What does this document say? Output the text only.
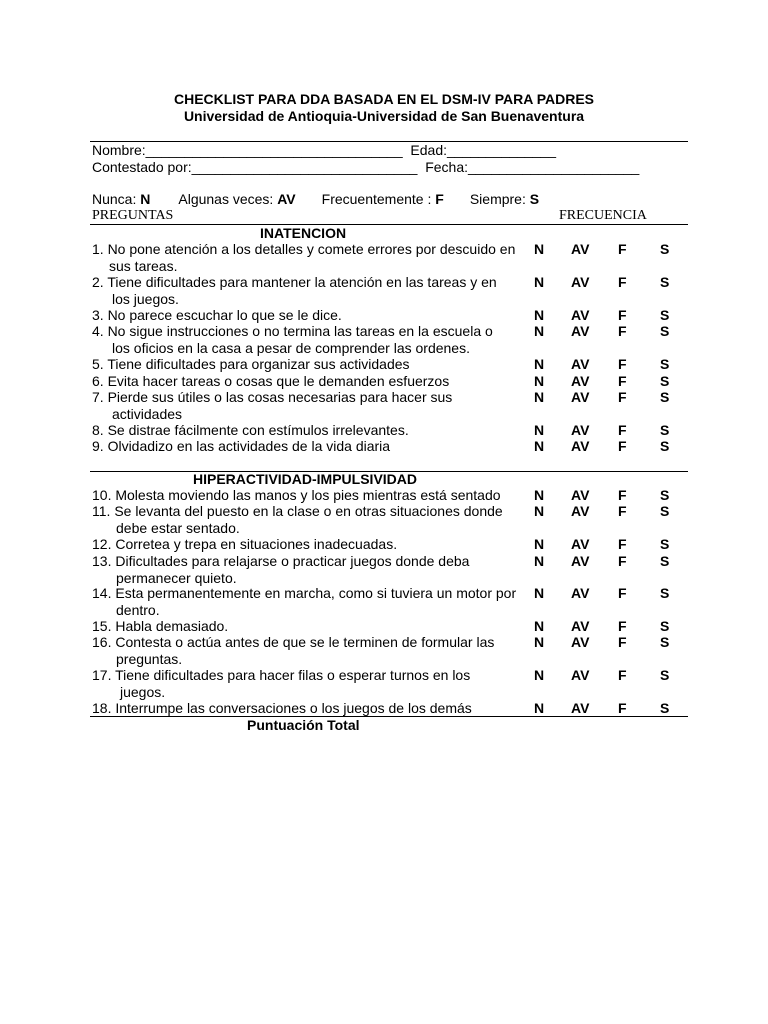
CHECKLIST PARA DDA BASADA EN EL DSM-IV PARA PADRES
Universidad de Antioquia-Universidad de San Buenaventura
Nombre:_________________________________ Edad:______________
Contestado por:_____________________________ Fecha:______________________
Nunca: N Algunas veces: AV Frecuentemente : F Siempre: S
PREGUNTAS	FRECUENCIA
INATENCION
1. No pone atención a los detalles y comete errores por descuido en
sus tareas.
N AV F S
2. Tiene dificultades para mantener la atención en las tareas y en
los juegos.
N AV F S
3. No parece escuchar lo que se le dice.	N AV F S
4. No sigue instrucciones o no termina las tareas en la escuela o
los oficios en la casa a pesar de comprender las ordenes.
N AV F S
5. Tiene dificultades para organizar sus actividades	N AV F S
6. Evita hacer tareas o cosas que le demanden esfuerzos	N AV F S
7. Pierde sus útiles o las cosas necesarias para hacer sus
actividades
N AV F S
8. Se distrae fácilmente con estímulos irrelevantes.	N AV F S
9. Olvidadizo en las actividades de la vida diaria	N AV F S
HIPERACTIVIDAD-IMPULSIVIDAD
10. Molesta moviendo las manos y los pies mientras está sentado	N AV F S
11. Se levanta del puesto en la clase o en otras situaciones donde
debe estar sentado.
N AV F S
12. Corretea y trepa en situaciones inadecuadas.	N AV F S
13. Dificultades para relajarse o practicar juegos donde deba
permanecer quieto.
N AV F S
14. Esta permanentemente en marcha, como si tuviera un motor por
dentro.
N AV F S
15. Habla demasiado.	N AV F S
16. Contesta o actúa antes de que se le terminen de formular las
preguntas.
N AV F S
17. Tiene dificultades para hacer filas o esperar turnos en los
juegos.
N AV F S
18. Interrumpe las conversaciones o los juegos de los demás	N AV F S
Puntuación Total
